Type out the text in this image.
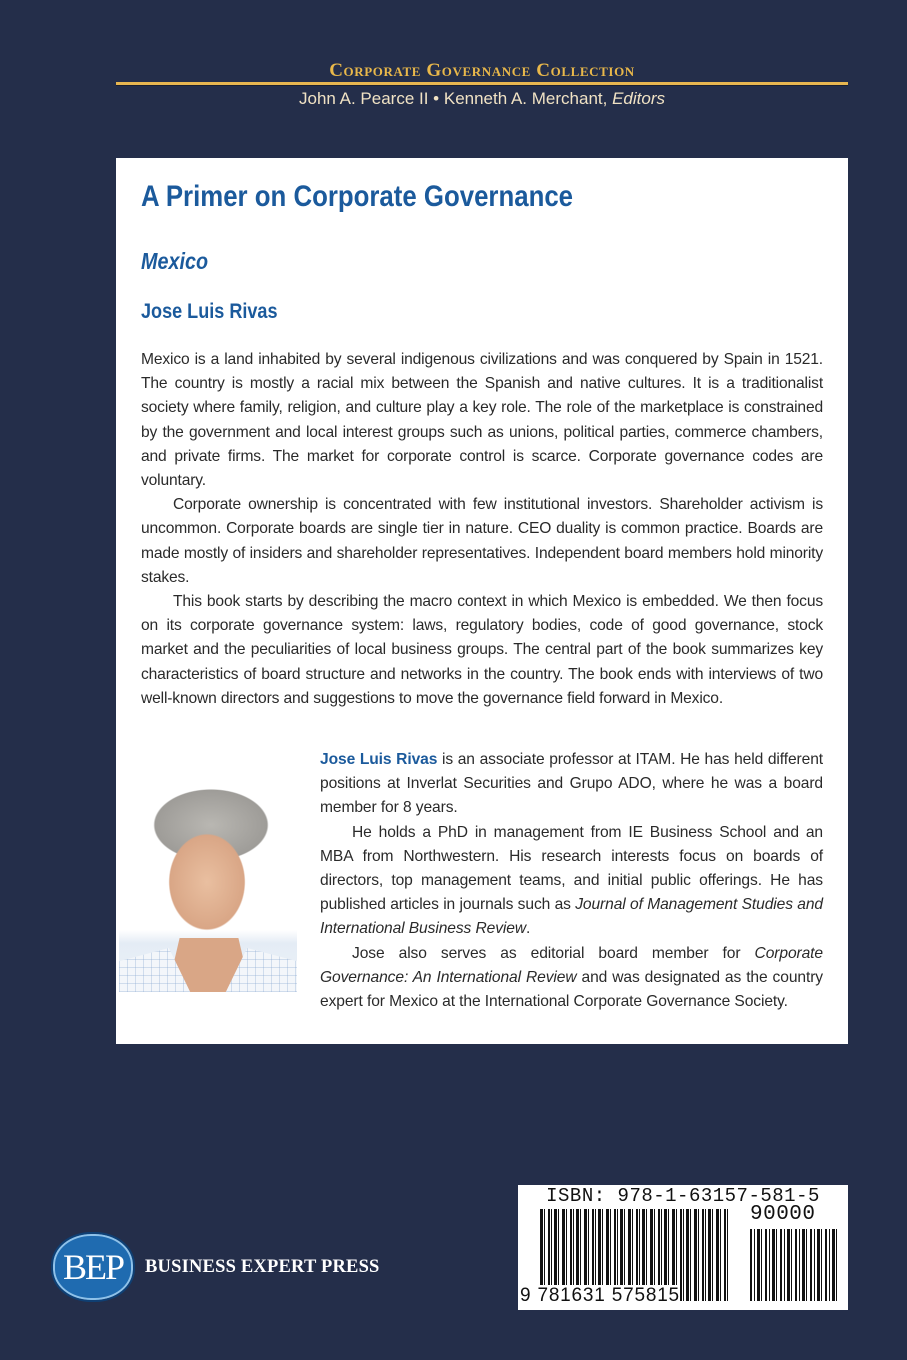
Corporate Governance Collection
John A. Pearce II • Kenneth A. Merchant, Editors
A Primer on Corporate Governance
Mexico
Jose Luis Rivas

Mexico is a land inhabited by several indigenous civilizations and was conquered by Spain in 1521. The country is mostly a racial mix between the Spanish and native cultures. It is a traditionalist society where family, religion, and culture play a key role. The role of the marketplace is constrained by the government and local interest groups such as unions, political parties, commerce chambers, and private firms. The market for corporate control is scarce. Corporate governance codes are voluntary.

Corporate ownership is concentrated with few institutional investors. Shareholder activism is uncommon. Corporate boards are single tier in nature. CEO duality is common practice. Boards are made mostly of insiders and shareholder representatives. Independent board members hold minority stakes.

This book starts by describing the macro context in which Mexico is embedded. We then focus on its corporate governance system: laws, regulatory bodies, code of good governance, stock market and the peculiarities of local business groups. The central part of the book summarizes key characteristics of board structure and networks in the country. The book ends with interviews of two well-known directors and suggestions to move the governance field forward in Mexico.

Jose Luis Rivas is an associate professor at ITAM. He has held different positions at Inverlat Securities and Grupo ADO, where he was a board member for 8 years.

He holds a PhD in management from IE Business School and an MBA from Northwestern. His research interests focus on boards of directors, top management teams, and initial public offerings. He has published articles in journals such as Journal of Management Studies and International Business Review.

Jose also serves as editorial board member for Corporate Governance: An International Review and was designated as the country expert for Mexico at the International Corporate Governance Society.

BEP	BUSINESS EXPERT PRESS
ISBN: 978-1-63157-581-5
90000
9 781631 575815
